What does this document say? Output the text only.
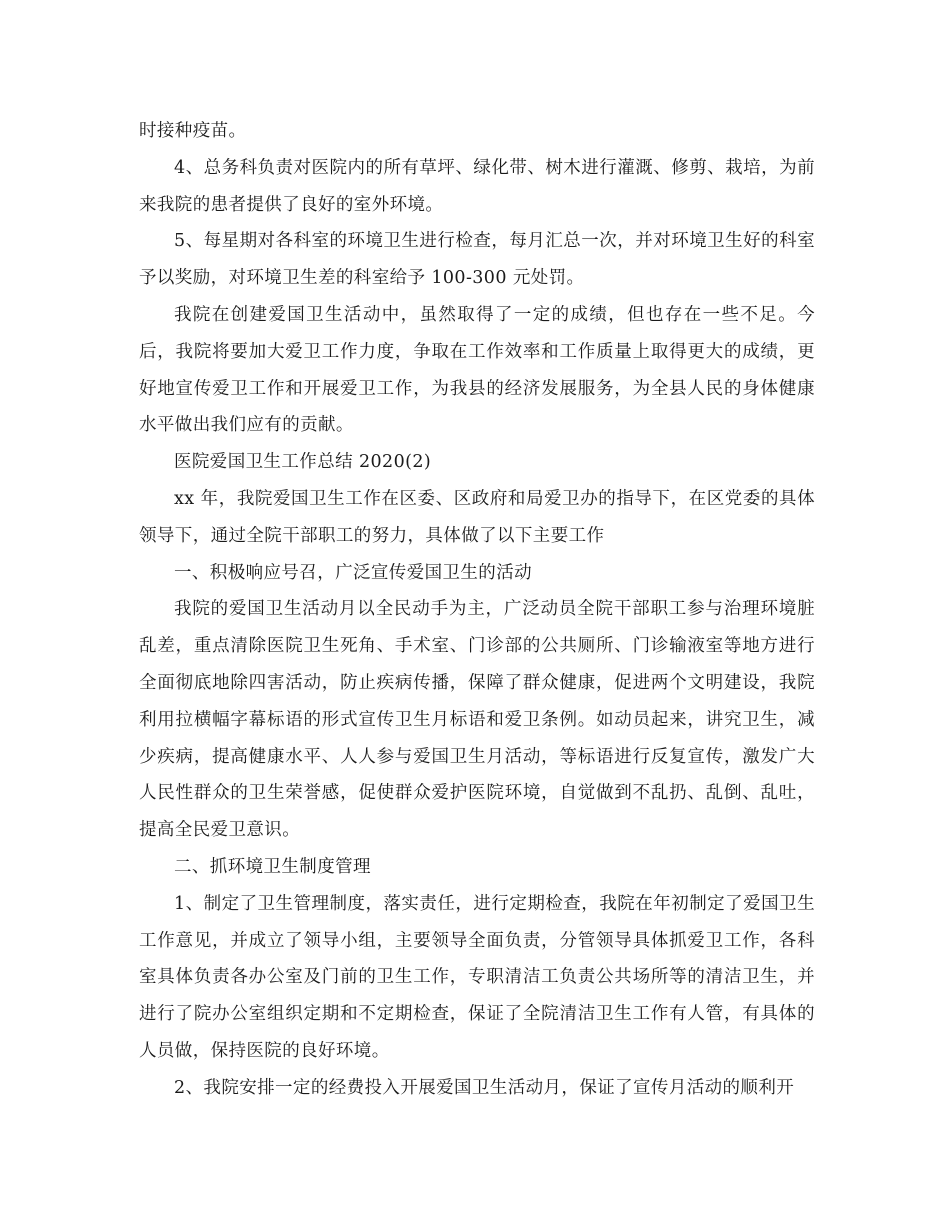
时接种疫苗。

4、总务科负责对医院内的所有草坪、绿化带、树木进行灌溉、修剪、栽培，为前来我院的患者提供了良好的室外环境。

5、每星期对各科室的环境卫生进行检查，每月汇总一次，并对环境卫生好的科室予以奖励，对环境卫生差的科室给予 100-300 元处罚。

我院在创建爱国卫生活动中，虽然取得了一定的成绩，但也存在一些不足。今后，我院将要加大爱卫工作力度，争取在工作效率和工作质量上取得更大的成绩，更好地宣传爱卫工作和开展爱卫工作，为我县的经济发展服务，为全县人民的身体健康水平做出我们应有的贡献。

医院爱国卫生工作总结 2020(2)

xx 年，我院爱国卫生工作在区委、区政府和局爱卫办的指导下，在区党委的具体领导下，通过全院干部职工的努力，具体做了以下主要工作

一、积极响应号召，广泛宣传爱国卫生的活动

我院的爱国卫生活动月以全民动手为主，广泛动员全院干部职工参与治理环境脏乱差，重点清除医院卫生死角、手术室、门诊部的公共厕所、门诊输液室等地方进行全面彻底地除四害活动，防止疾病传播，保障了群众健康，促进两个文明建设，我院利用拉横幅字幕标语的形式宣传卫生月标语和爱卫条例。如动员起来，讲究卫生，减少疾病，提高健康水平、人人参与爱国卫生月活动，等标语进行反复宣传，激发广大人民性群众的卫生荣誉感，促使群众爱护医院环境，自觉做到不乱扔、乱倒、乱吐，提高全民爱卫意识。

二、抓环境卫生制度管理

1、制定了卫生管理制度，落实责任，进行定期检查，我院在年初制定了爱国卫生工作意见，并成立了领导小组，主要领导全面负责，分管领导具体抓爱卫工作，各科室具体负责各办公室及门前的卫生工作，专职清洁工负责公共场所等的清洁卫生，并进行了院办公室组织定期和不定期检查，保证了全院清洁卫生工作有人管，有具体的人员做，保持医院的良好环境。

2、我院安排一定的经费投入开展爱国卫生活动月，保证了宣传月活动的顺利开
